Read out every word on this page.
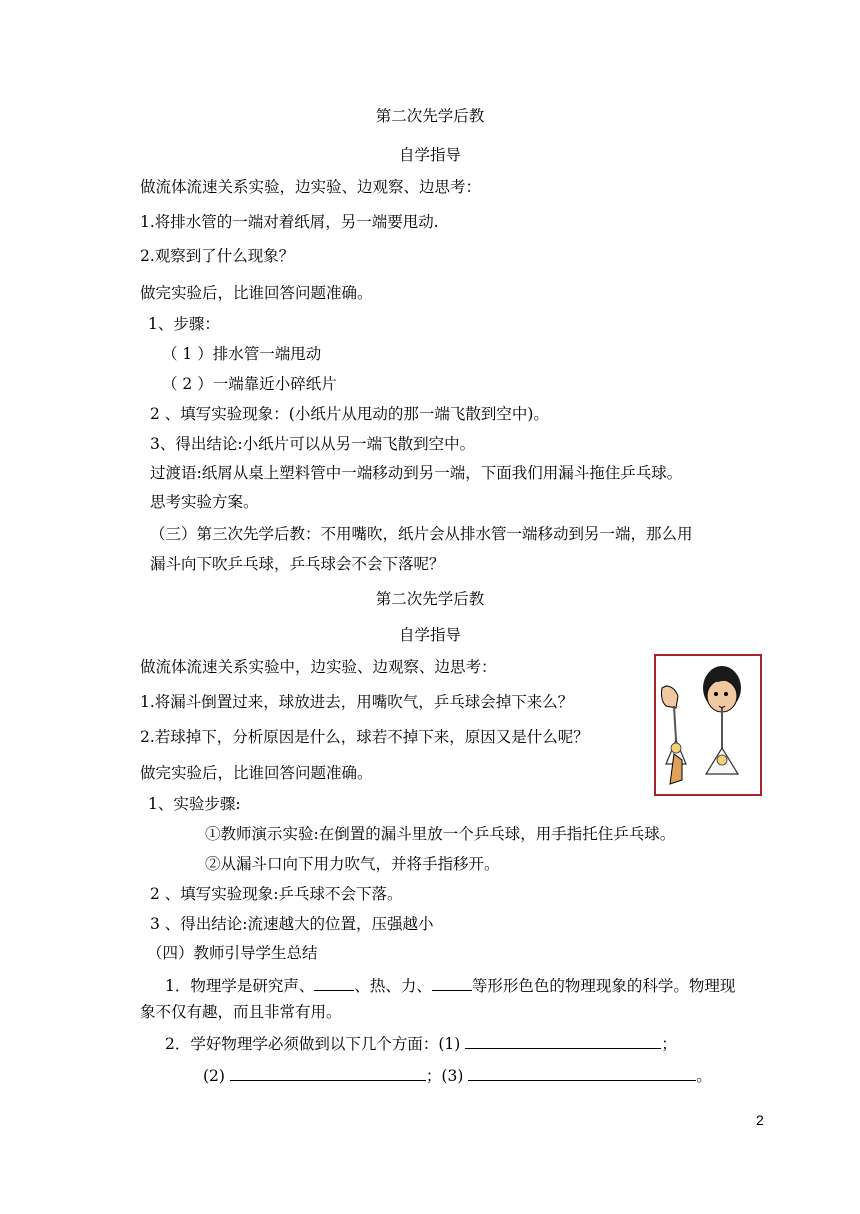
第二次先学后教
自学指导
做流体流速关系实验，边实验、边观察、边思考：
1.将排水管的一端对着纸屑，另一端要甩动.
2.观察到了什么现象？
做完实验后，比谁回答问题准确。
1、步骤：
（ 1 ）排水管一端甩动
（ 2 ）一端靠近小碎纸片
2 、填写实验现象：(小纸片从甩动的那一端飞散到空中)。
3、得出结论:小纸片可以从另一端飞散到空中。
过渡语:纸屑从桌上塑料管中一端移动到另一端，下面我们用漏斗拖住乒乓球。
思考实验方案。
（三）第三次先学后教：不用嘴吹，纸片会从排水管一端移动到另一端，那么用
漏斗向下吹乒乓球，乒乓球会不会下落呢？
第二次先学后教
自学指导
做流体流速关系实验中，边实验、边观察、边思考：
1.将漏斗倒置过来，球放进去，用嘴吹气，乒乓球会掉下来么？
2.若球掉下，分析原因是什么，球若不掉下来，原因又是什么呢？
做完实验后，比谁回答问题准确。
1、实验步骤:
①教师演示实验:在倒置的漏斗里放一个乒乓球，用手指托住乒乓球。
②从漏斗口向下用力吹气，并将手指移开。
2 、填写实验现象:乒乓球不会下落。
3 、得出结论:流速越大的位置，压强越小
（四）教师引导学生总结
1．物理学是研究声、	、热、力、	等形形色色的物理现象的科学。物理现
象不仅有趣，而且非常有用。
2．学好物理学必须做到以下几个方面：(1)	；
(2)	；(3)	。
2
